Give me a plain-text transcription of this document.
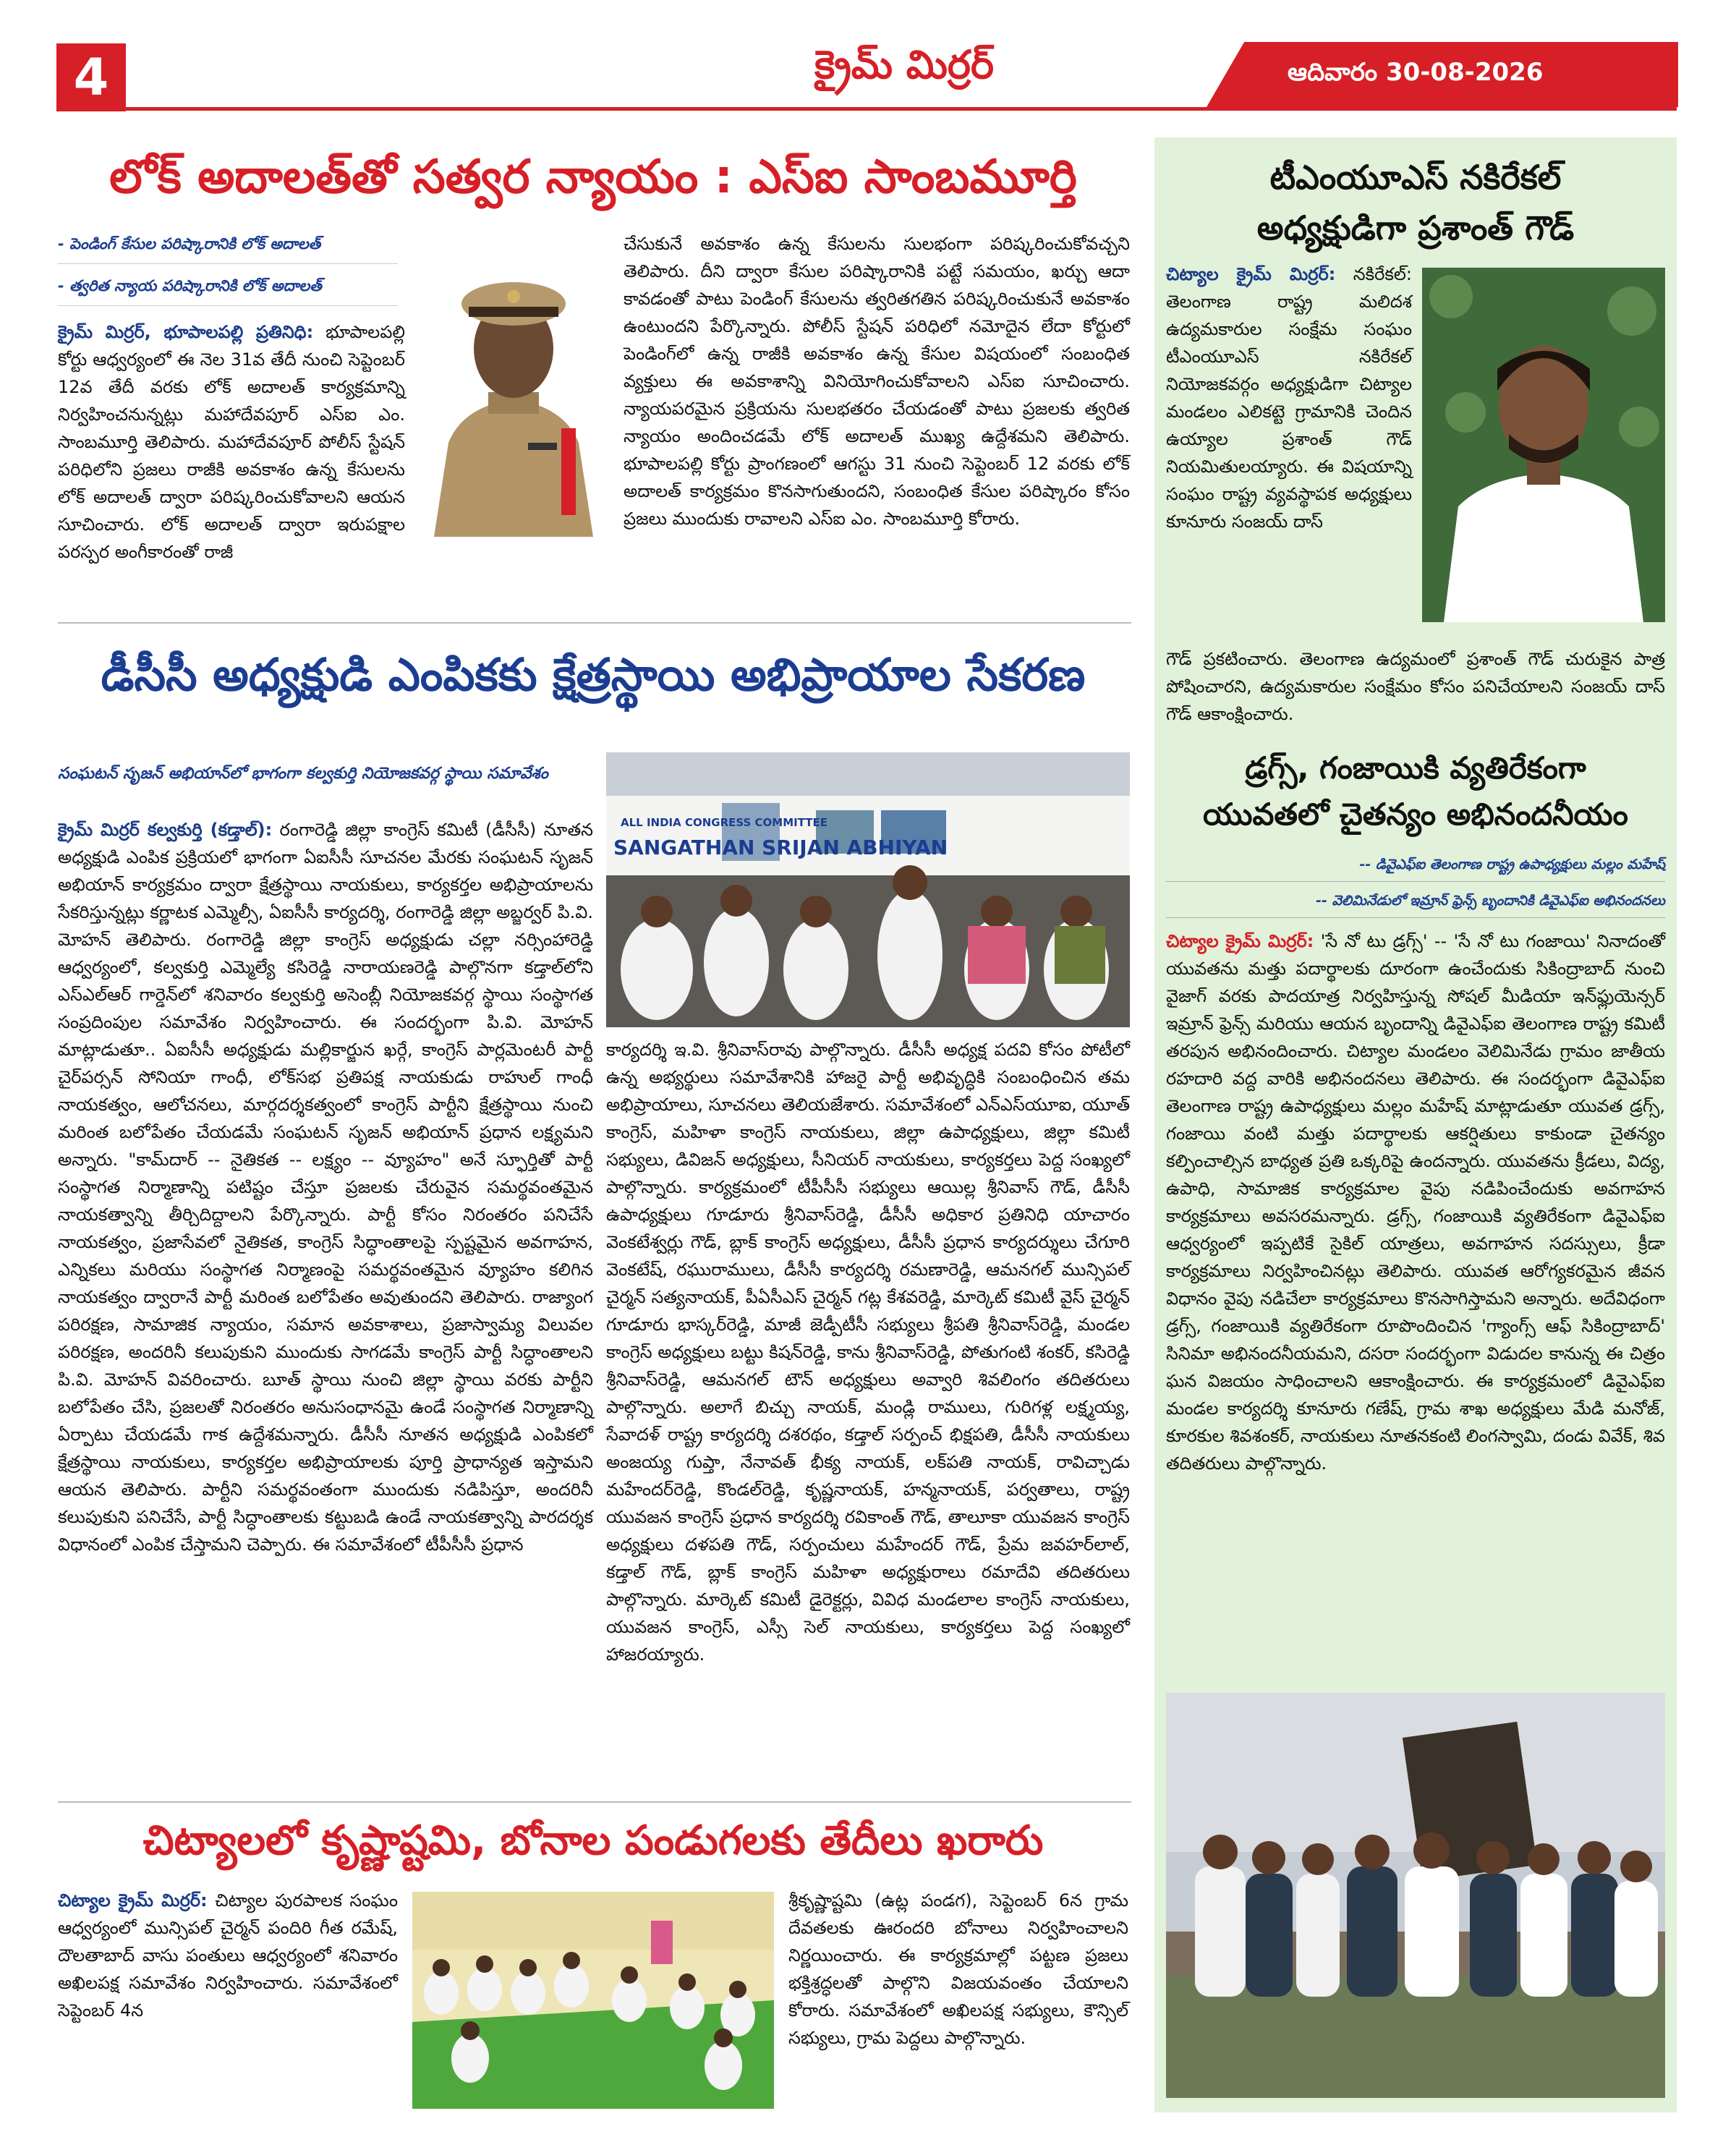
4	క్రైమ్ మిర్రర్	ఆదివారం 30-08-2026
లోక్ అదాలత్‌తో సత్వర న్యాయం : ఎస్ఐ సాంబమూర్తి
- పెండింగ్ కేసుల పరిష్కారానికి లోక్ అదాలత్
- త్వరిత న్యాయ పరిష్కారానికి లోక్ అదాలత్
క్రైమ్ మిర్రర్, భూపాలపల్లి ప్రతినిధి: భూపాలపల్లి కోర్టు ఆధ్వర్యంలో ఈ నెల 31వ తేదీ నుంచి సెప్టెంబర్ 12వ తేదీ వరకు లోక్ అదాలత్ కార్యక్రమాన్ని నిర్వహించనున్నట్లు మహాదేవపూర్ ఎస్ఐ ఎం. సాంబమూర్తి తెలిపారు. మహాదేవపూర్ పోలీస్ స్టేషన్ పరిధిలోని ప్రజలు రాజీకి అవకాశం ఉన్న కేసులను లోక్ అదాలత్ ద్వారా పరిష్కరించుకోవాలని ఆయన సూచించారు. లోక్ అదాలత్ ద్వారా ఇరుపక్షాల పరస్పర అంగీకారంతో రాజీ
చేసుకునే అవకాశం ఉన్న కేసులను సులభంగా పరిష్కరించుకోవచ్చని తెలిపారు. దీని ద్వారా కేసుల పరిష్కారానికి పట్టే సమయం, ఖర్చు ఆదా కావడంతో పాటు పెండింగ్ కేసులను త్వరితగతిన పరిష్కరించుకునే అవకాశం ఉంటుందని పేర్కొన్నారు. పోలీస్ స్టేషన్ పరిధిలో నమోదైన లేదా కోర్టులో పెండింగ్‌లో ఉన్న రాజీకి అవకాశం ఉన్న కేసుల విషయంలో సంబంధిత వ్యక్తులు ఈ అవకాశాన్ని వినియోగించుకోవాలని ఎస్ఐ సూచించారు. న్యాయపరమైన ప్రక్రియను సులభతరం చేయడంతో పాటు ప్రజలకు త్వరిత న్యాయం అందించడమే లోక్ అదాలత్ ముఖ్య ఉద్దేశమని తెలిపారు. భూపాలపల్లి కోర్టు ప్రాంగణంలో ఆగస్టు 31 నుంచి సెప్టెంబర్ 12 వరకు లోక్ అదాలత్ కార్యక్రమం కొనసాగుతుందని, సంబంధిత కేసుల పరిష్కారం కోసం ప్రజలు ముందుకు రావాలని ఎస్ఐ ఎం. సాంబమూర్తి కోరారు.
డీసీసీ అధ్యక్షుడి ఎంపికకు క్షేత్రస్థాయి అభిప్రాయాల సేకరణ
సంఘటన్ సృజన్ అభియాన్‌లో భాగంగా కల్వకుర్తి నియోజకవర్గ స్థాయి సమావేశం
ALL INDIA CONGRESS COMMITTEE
SANGATHAN SRIJAN ABHIYAN
క్రైమ్ మిర్రర్ కల్వకుర్తి (కడ్తాల్): రంగారెడ్డి జిల్లా కాంగ్రెస్ కమిటీ (డీసీసీ) నూతన అధ్యక్షుడి ఎంపిక ప్రక్రియలో భాగంగా ఏఐసీసీ సూచనల మేరకు సంఘటన్ సృజన్ అభియాన్ కార్యక్రమం ద్వారా క్షేత్రస్థాయి నాయకులు, కార్యకర్తల అభిప్రాయాలను సేకరిస్తున్నట్లు కర్ణాటక ఎమ్మెల్సీ, ఏఐసీసీ కార్యదర్శి, రంగారెడ్డి జిల్లా అబ్జర్వర్ పి.వి. మోహన్ తెలిపారు. రంగారెడ్డి జిల్లా కాంగ్రెస్ అధ్యక్షుడు చల్లా నర్సింహారెడ్డి ఆధ్వర్యంలో, కల్వకుర్తి ఎమ్మెల్యే కసిరెడ్డి నారాయణరెడ్డి పాల్గొనగా కడ్తాల్‌లోని ఎస్ఎల్ఆర్ గార్డెన్‌లో శనివారం కల్వకుర్తి అసెంబ్లీ నియోజకవర్గ స్థాయి సంస్థాగత సంప్రదింపుల సమావేశం నిర్వహించారు. ఈ సందర్భంగా పి.వి. మోహన్ మాట్లాడుతూ.. ఏఐసీసీ అధ్యక్షుడు మల్లికార్జున ఖర్గే, కాంగ్రెస్ పార్లమెంటరీ పార్టీ చైర్‌పర్సన్ సోనియా గాంధీ, లోక్‌సభ ప్రతిపక్ష నాయకుడు రాహుల్ గాంధీ నాయకత్వం, ఆలోచనలు, మార్గదర్శకత్వంలో కాంగ్రెస్ పార్టీని క్షేత్రస్థాయి నుంచి మరింత బలోపేతం చేయడమే సంఘటన్ సృజన్ అభియాన్ ప్రధాన లక్ష్యమని అన్నారు. "కామ్‌దార్ -- నైతికత -- లక్ష్యం -- వ్యూహం" అనే స్ఫూర్తితో పార్టీ సంస్థాగత నిర్మాణాన్ని పటిష్టం చేస్తూ ప్రజలకు చేరువైన సమర్థవంతమైన నాయకత్వాన్ని తీర్చిదిద్దాలని పేర్కొన్నారు. పార్టీ కోసం నిరంతరం పనిచేసే నాయకత్వం, ప్రజాసేవలో నైతికత, కాంగ్రెస్ సిద్ధాంతాలపై స్పష్టమైన అవగాహన, ఎన్నికలు మరియు సంస్థాగత నిర్మాణంపై సమర్థవంతమైన వ్యూహం కలిగిన నాయకత్వం ద్వారానే పార్టీ మరింత బలోపేతం అవుతుందని తెలిపారు. రాజ్యాంగ పరిరక్షణ, సామాజిక న్యాయం, సమాన అవకాశాలు, ప్రజాస్వామ్య విలువల పరిరక్షణ, అందరినీ కలుపుకుని ముందుకు సాగడమే కాంగ్రెస్ పార్టీ సిద్ధాంతాలని పి.వి. మోహన్ వివరించారు. బూత్ స్థాయి నుంచి జిల్లా స్థాయి వరకు పార్టీని బలోపేతం చేసి, ప్రజలతో నిరంతరం అనుసంధానమై ఉండే సంస్థాగత నిర్మాణాన్ని ఏర్పాటు చేయడమే గాక ఉద్దేశమన్నారు. డీసీసీ నూతన అధ్యక్షుడి ఎంపికలో క్షేత్రస్థాయి నాయకులు, కార్యకర్తల అభిప్రాయాలకు పూర్తి ప్రాధాన్యత ఇస్తామని ఆయన తెలిపారు. పార్టీని సమర్థవంతంగా ముందుకు నడిపిస్తూ, అందరినీ కలుపుకుని పనిచేసే, పార్టీ సిద్ధాంతాలకు కట్టుబడి ఉండే నాయకత్వాన్ని పారదర్శక విధానంలో ఎంపిక చేస్తామని చెప్పారు. ఈ సమావేశంలో టీపీసీసీ ప్రధాన
కార్యదర్శి ఇ.వి. శ్రీనివాస్‌రావు పాల్గొన్నారు. డీసీసీ అధ్యక్ష పదవి కోసం పోటీలో ఉన్న అభ్యర్థులు సమావేశానికి హాజరై పార్టీ అభివృద్ధికి సంబంధించిన తమ అభిప్రాయాలు, సూచనలు తెలియజేశారు. సమావేశంలో ఎన్ఎస్‌యూఐ, యూత్ కాంగ్రెస్, మహిళా కాంగ్రెస్ నాయకులు, జిల్లా ఉపాధ్యక్షులు, జిల్లా కమిటీ సభ్యులు, డివిజన్ అధ్యక్షులు, సీనియర్ నాయకులు, కార్యకర్తలు పెద్ద సంఖ్యలో పాల్గొన్నారు. కార్యక్రమంలో టీపీసీసీ సభ్యులు ఆయిల్ల శ్రీనివాస్ గౌడ్, డీసీసీ ఉపాధ్యక్షులు గూడూరు శ్రీనివాస్‌రెడ్డి, డీసీసీ అధికార ప్రతినిధి యాచారం వెంకటేశ్వర్లు గౌడ్, బ్లాక్ కాంగ్రెస్ అధ్యక్షులు, డీసీసీ ప్రధాన కార్యదర్శులు చేగూరి వెంకటేష్, రఘురాములు, డీసీసీ కార్యదర్శి రమణారెడ్డి, ఆమనగల్ మున్సిపల్ చైర్మన్ సత్యనాయక్, పీఏసీఎస్ చైర్మన్ గట్ల కేశవరెడ్డి, మార్కెట్ కమిటీ వైస్ చైర్మన్ గూడూరు భాస్కర్‌రెడ్డి, మాజీ జెడ్పీటీసీ సభ్యులు శ్రీపతి శ్రీనివాస్‌రెడ్డి, మండల కాంగ్రెస్ అధ్యక్షులు బట్టు కిషన్‌రెడ్డి, కాను శ్రీనివాస్‌రెడ్డి, పోతుగంటి శంకర్, కసిరెడ్డి శ్రీనివాస్‌రెడ్డి, ఆమనగల్ టౌన్ అధ్యక్షులు అవ్వారి శివలింగం తదితరులు పాల్గొన్నారు. అలాగే బిచ్చు నాయక్, మండ్లి రాములు, గురిగళ్ల లక్ష్మయ్య, సేవాదళ్ రాష్ట్ర కార్యదర్శి దశరథం, కడ్తాల్ సర్పంచ్ భిక్షపతి, డీసీసీ నాయకులు అంజయ్య గుప్తా, నేనావత్ భీక్య నాయక్, లక్‌పతి నాయక్, రావిచ్చాడు మహేందర్‌రెడ్డి, కొండల్‌రెడ్డి, కృష్ణనాయక్, హన్మనాయక్, పర్వతాలు, రాష్ట్ర యువజన కాంగ్రెస్ ప్రధాన కార్యదర్శి రవికాంత్ గౌడ్, తాలూకా యువజన కాంగ్రెస్ అధ్యక్షులు దళపతి గౌడ్, సర్పంచులు మహేందర్ గౌడ్, ప్రేమ జవహర్‌లాల్, కడ్తాల్ గౌడ్, బ్లాక్ కాంగ్రెస్ మహిళా అధ్యక్షురాలు రమాదేవి తదితరులు పాల్గొన్నారు. మార్కెట్ కమిటీ డైరెక్టర్లు, వివిధ మండలాల కాంగ్రెస్ నాయకులు, యువజన కాంగ్రెస్, ఎస్సీ సెల్ నాయకులు, కార్యకర్తలు పెద్ద సంఖ్యలో హాజరయ్యారు.
చిట్యాలలో కృష్ణాష్టమి, బోనాల పండుగలకు తేదీలు ఖరారు
చిట్యాల క్రైమ్ మిర్రర్: చిట్యాల పురపాలక సంఘం ఆధ్వర్యంలో మున్సిపల్ చైర్మన్ పందిరి గీత రమేష్, దౌలతాబాద్ వాసు పంతులు ఆధ్వర్యంలో శనివారం అఖిలపక్ష సమావేశం నిర్వహించారు. సమావేశంలో సెప్టెంబర్ 4న
శ్రీకృష్ణాష్టమి (ఉట్ల పండగ), సెప్టెంబర్ 6న గ్రామ దేవతలకు ఊరందరి బోనాలు నిర్వహించాలని నిర్ణయించారు. ఈ కార్యక్రమాల్లో పట్టణ ప్రజలు భక్తిశ్రద్ధలతో పాల్గొని విజయవంతం చేయాలని కోరారు. సమావేశంలో అఖిలపక్ష సభ్యులు, కౌన్సిల్ సభ్యులు, గ్రామ పెద్దలు పాల్గొన్నారు.
టీఎంయూఎస్ నకిరేకల్
అధ్యక్షుడిగా ప్రశాంత్ గౌడ్
చిట్యాల క్రైమ్ మిర్రర్: నకిరేకల్: తెలంగాణ రాష్ట్ర మలిదశ ఉద్యమకారుల సంక్షేమ సంఘం టీఎంయూఎస్ నకిరేకల్ నియోజకవర్గం అధ్యక్షుడిగా చిట్యాల మండలం ఎలికట్టె గ్రామానికి చెందిన ఉయ్యాల ప్రశాంత్ గౌడ్ నియమితులయ్యారు. ఈ విషయాన్ని సంఘం రాష్ట్ర వ్యవస్థాపక అధ్యక్షులు కూనూరు సంజయ్ దాస్
గౌడ్ ప్రకటించారు. తెలంగాణ ఉద్యమంలో ప్రశాంత్ గౌడ్ చురుకైన పాత్ర పోషించారని, ఉద్యమకారుల సంక్షేమం కోసం పనిచేయాలని సంజయ్ దాస్ గౌడ్ ఆకాంక్షించారు.
డ్రగ్స్, గంజాయికి వ్యతిరేకంగా
యువతలో చైతన్యం అభినందనీయం
-- డివైఎఫ్ఐ తెలంగాణ రాష్ట్ర ఉపాధ్యక్షులు మల్లం మహేష్
-- వెలిమినేడులో ఇమ్రాన్ ఫ్రెన్స్ బృందానికి డివైఎఫ్ఐ అభినందనలు
చిట్యాల క్రైమ్ మిర్రర్: 'సే నో టు డ్రగ్స్' -- 'సే నో టు గంజాయి' నినాదంతో యువతను మత్తు పదార్థాలకు దూరంగా ఉంచేందుకు సికింద్రాబాద్ నుంచి వైజాగ్ వరకు పాదయాత్ర నిర్వహిస్తున్న సోషల్ మీడియా ఇన్‌ఫ్లుయెన్సర్ ఇమ్రాన్ ఫ్రెన్స్ మరియు ఆయన బృందాన్ని డివైఎఫ్ఐ తెలంగాణ రాష్ట్ర కమిటీ తరపున అభినందించారు. చిట్యాల మండలం వెలిమినేడు గ్రామం జాతీయ రహదారి వద్ద వారికి అభినందనలు తెలిపారు. ఈ సందర్భంగా డివైఎఫ్ఐ తెలంగాణ రాష్ట్ర ఉపాధ్యక్షులు మల్లం మహేష్ మాట్లాడుతూ యువత డ్రగ్స్, గంజాయి వంటి మత్తు పదార్థాలకు ఆకర్షితులు కాకుండా చైతన్యం కల్పించాల్సిన బాధ్యత ప్రతి ఒక్కరిపై ఉందన్నారు. యువతను క్రీడలు, విద్య, ఉపాధి, సామాజిక కార్యక్రమాల వైపు నడిపించేందుకు అవగాహన కార్యక్రమాలు అవసరమన్నారు. డ్రగ్స్, గంజాయికి వ్యతిరేకంగా డివైఎఫ్ఐ ఆధ్వర్యంలో ఇప్పటికే సైకిల్ యాత్రలు, అవగాహన సదస్సులు, క్రీడా కార్యక్రమాలు నిర్వహించినట్లు తెలిపారు. యువత ఆరోగ్యకరమైన జీవన విధానం వైపు నడిచేలా కార్యక్రమాలు కొనసాగిస్తామని అన్నారు. అదేవిధంగా డ్రగ్స్, గంజాయికి వ్యతిరేకంగా రూపొందించిన 'గ్యాంగ్స్ ఆఫ్ సికింద్రాబాద్' సినిమా అభినందనీయమని, దసరా సందర్భంగా విడుదల కానున్న ఈ చిత్రం ఘన విజయం సాధించాలని ఆకాంక్షించారు. ఈ కార్యక్రమంలో డివైఎఫ్ఐ మండల కార్యదర్శి కూనూరు గణేష్, గ్రామ శాఖ అధ్యక్షులు మేడి మనోజ్, కూరకుల శివశంకర్, నాయకులు నూతనకంటి లింగస్వామి, దండు వివేక్, శివ తదితరులు పాల్గొన్నారు.
